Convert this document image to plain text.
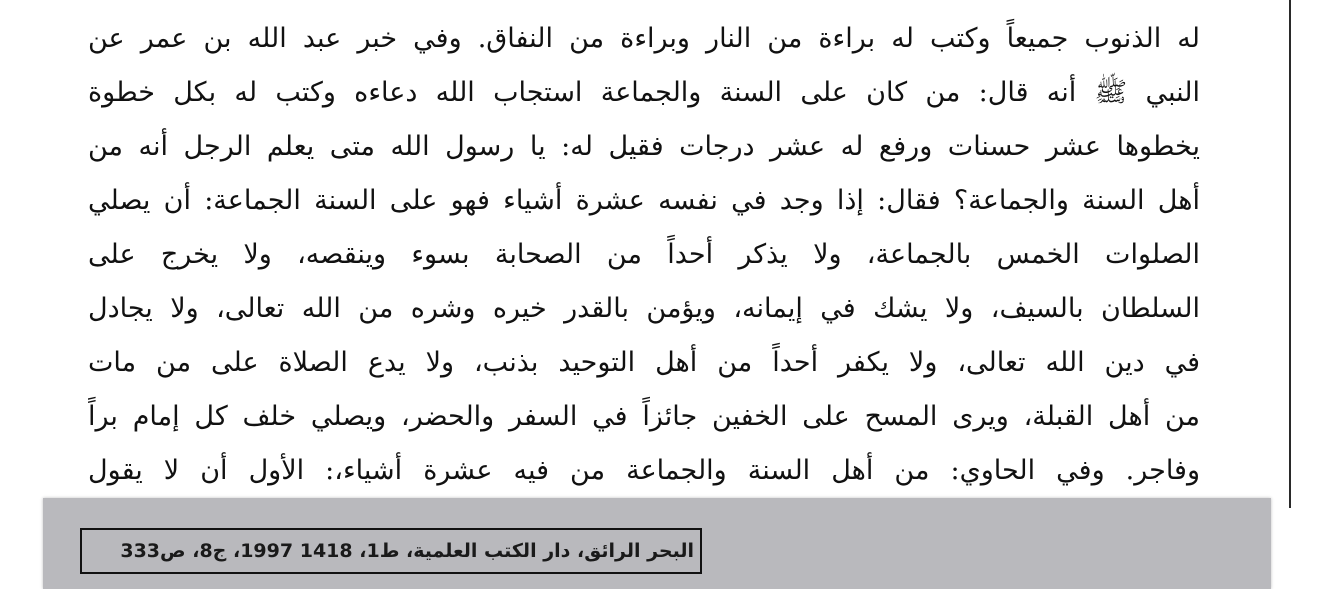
له الذنوب جميعاً وكتب له براءة من النار وبراءة من النفاق. وفي خبر عبد الله بن عمر عن
النبي ﷺ أنه قال: من كان على السنة والجماعة استجاب الله دعاءه وكتب له بكل خطوة
يخطوها عشر حسنات ورفع له عشر درجات فقيل له: يا رسول الله متى يعلم الرجل أنه من
أهل السنة والجماعة؟ فقال: إذا وجد في نفسه عشرة أشياء فهو على السنة الجماعة: أن يصلي
الصلوات الخمس بالجماعة، ولا يذكر أحداً من الصحابة بسوء وينقصه، ولا يخرج على
السلطان بالسيف، ولا يشك في إيمانه، ويؤمن بالقدر خيره وشره من الله تعالى، ولا يجادل
في دين الله تعالى، ولا يكفر أحداً من أهل التوحيد بذنب، ولا يدع الصلاة على من مات
من أهل القبلة، ويرى المسح على الخفين جائزاً في السفر والحضر، ويصلي خلف كل إمام براً
وفاجر. وفي الحاوي: من أهل السنة والجماعة من فيه عشرة أشياء،: الأول أن لا يقول
البحر الرائق، دار الكتب العلمية، ط1، 1418 1997، ج8، ص333
